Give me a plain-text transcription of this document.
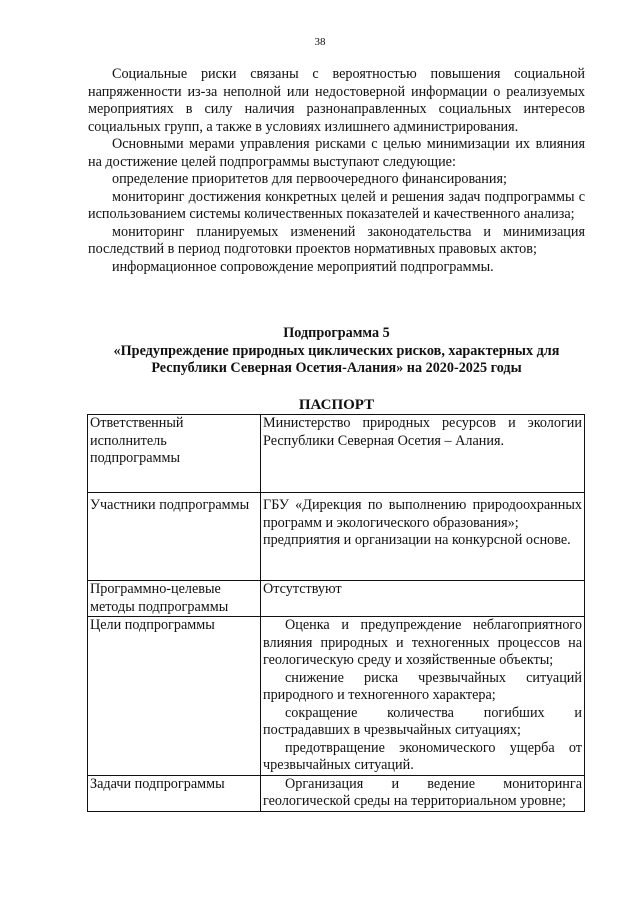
38

Социальные риски связаны с вероятностью повышения социальной напряженности из-за неполной или недостоверной информации о реализуемых мероприятиях в силу наличия разнонаправленных социальных интересов социальных групп, а также в условиях излишнего администрирования.

Основными мерами управления рисками с целью минимизации их влияния на достижение целей подпрограммы выступают следующие:

определение приоритетов для первоочередного финансирования;

мониторинг достижения конкретных целей и решения задач подпрограммы с использованием системы количественных показателей и качественного анализа;

мониторинг планируемых изменений законодательства и минимизация последствий в период подготовки проектов нормативных правовых актов;

информационное сопровождение мероприятий подпрограммы.

Подпрограмма 5

«Предупреждение природных циклических рисков, характерных для Республики Северная Осетия-Алания» на 2020-2025 годы

ПАСПОРТ
Ответственный исполнитель подпрограммы	Министерство природных ресурсов и экологии Республики Северная Осетия – Алания.

Участники подпрограммы	ГБУ «Дирекция по выполнению природоохранных программ и экологического образования»;

предприятия и организации на конкурсной основе.

Программно-целевые методы подпрограммы	Отсутствуют

Цели подпрограммы	Оценка и предупреждение неблагоприятного влияния природных и техногенных процессов на геологическую среду и хозяйственные объекты;

снижение риска чрезвычайных ситуаций природного и техногенного характера;

сокращение количества погибших и пострадавших в чрезвычайных ситуациях;

предотвращение экономического ущерба от чрезвычайных ситуаций.

Задачи подпрограммы	Организация и ведение мониторинга геологической среды на территориальном уровне;
